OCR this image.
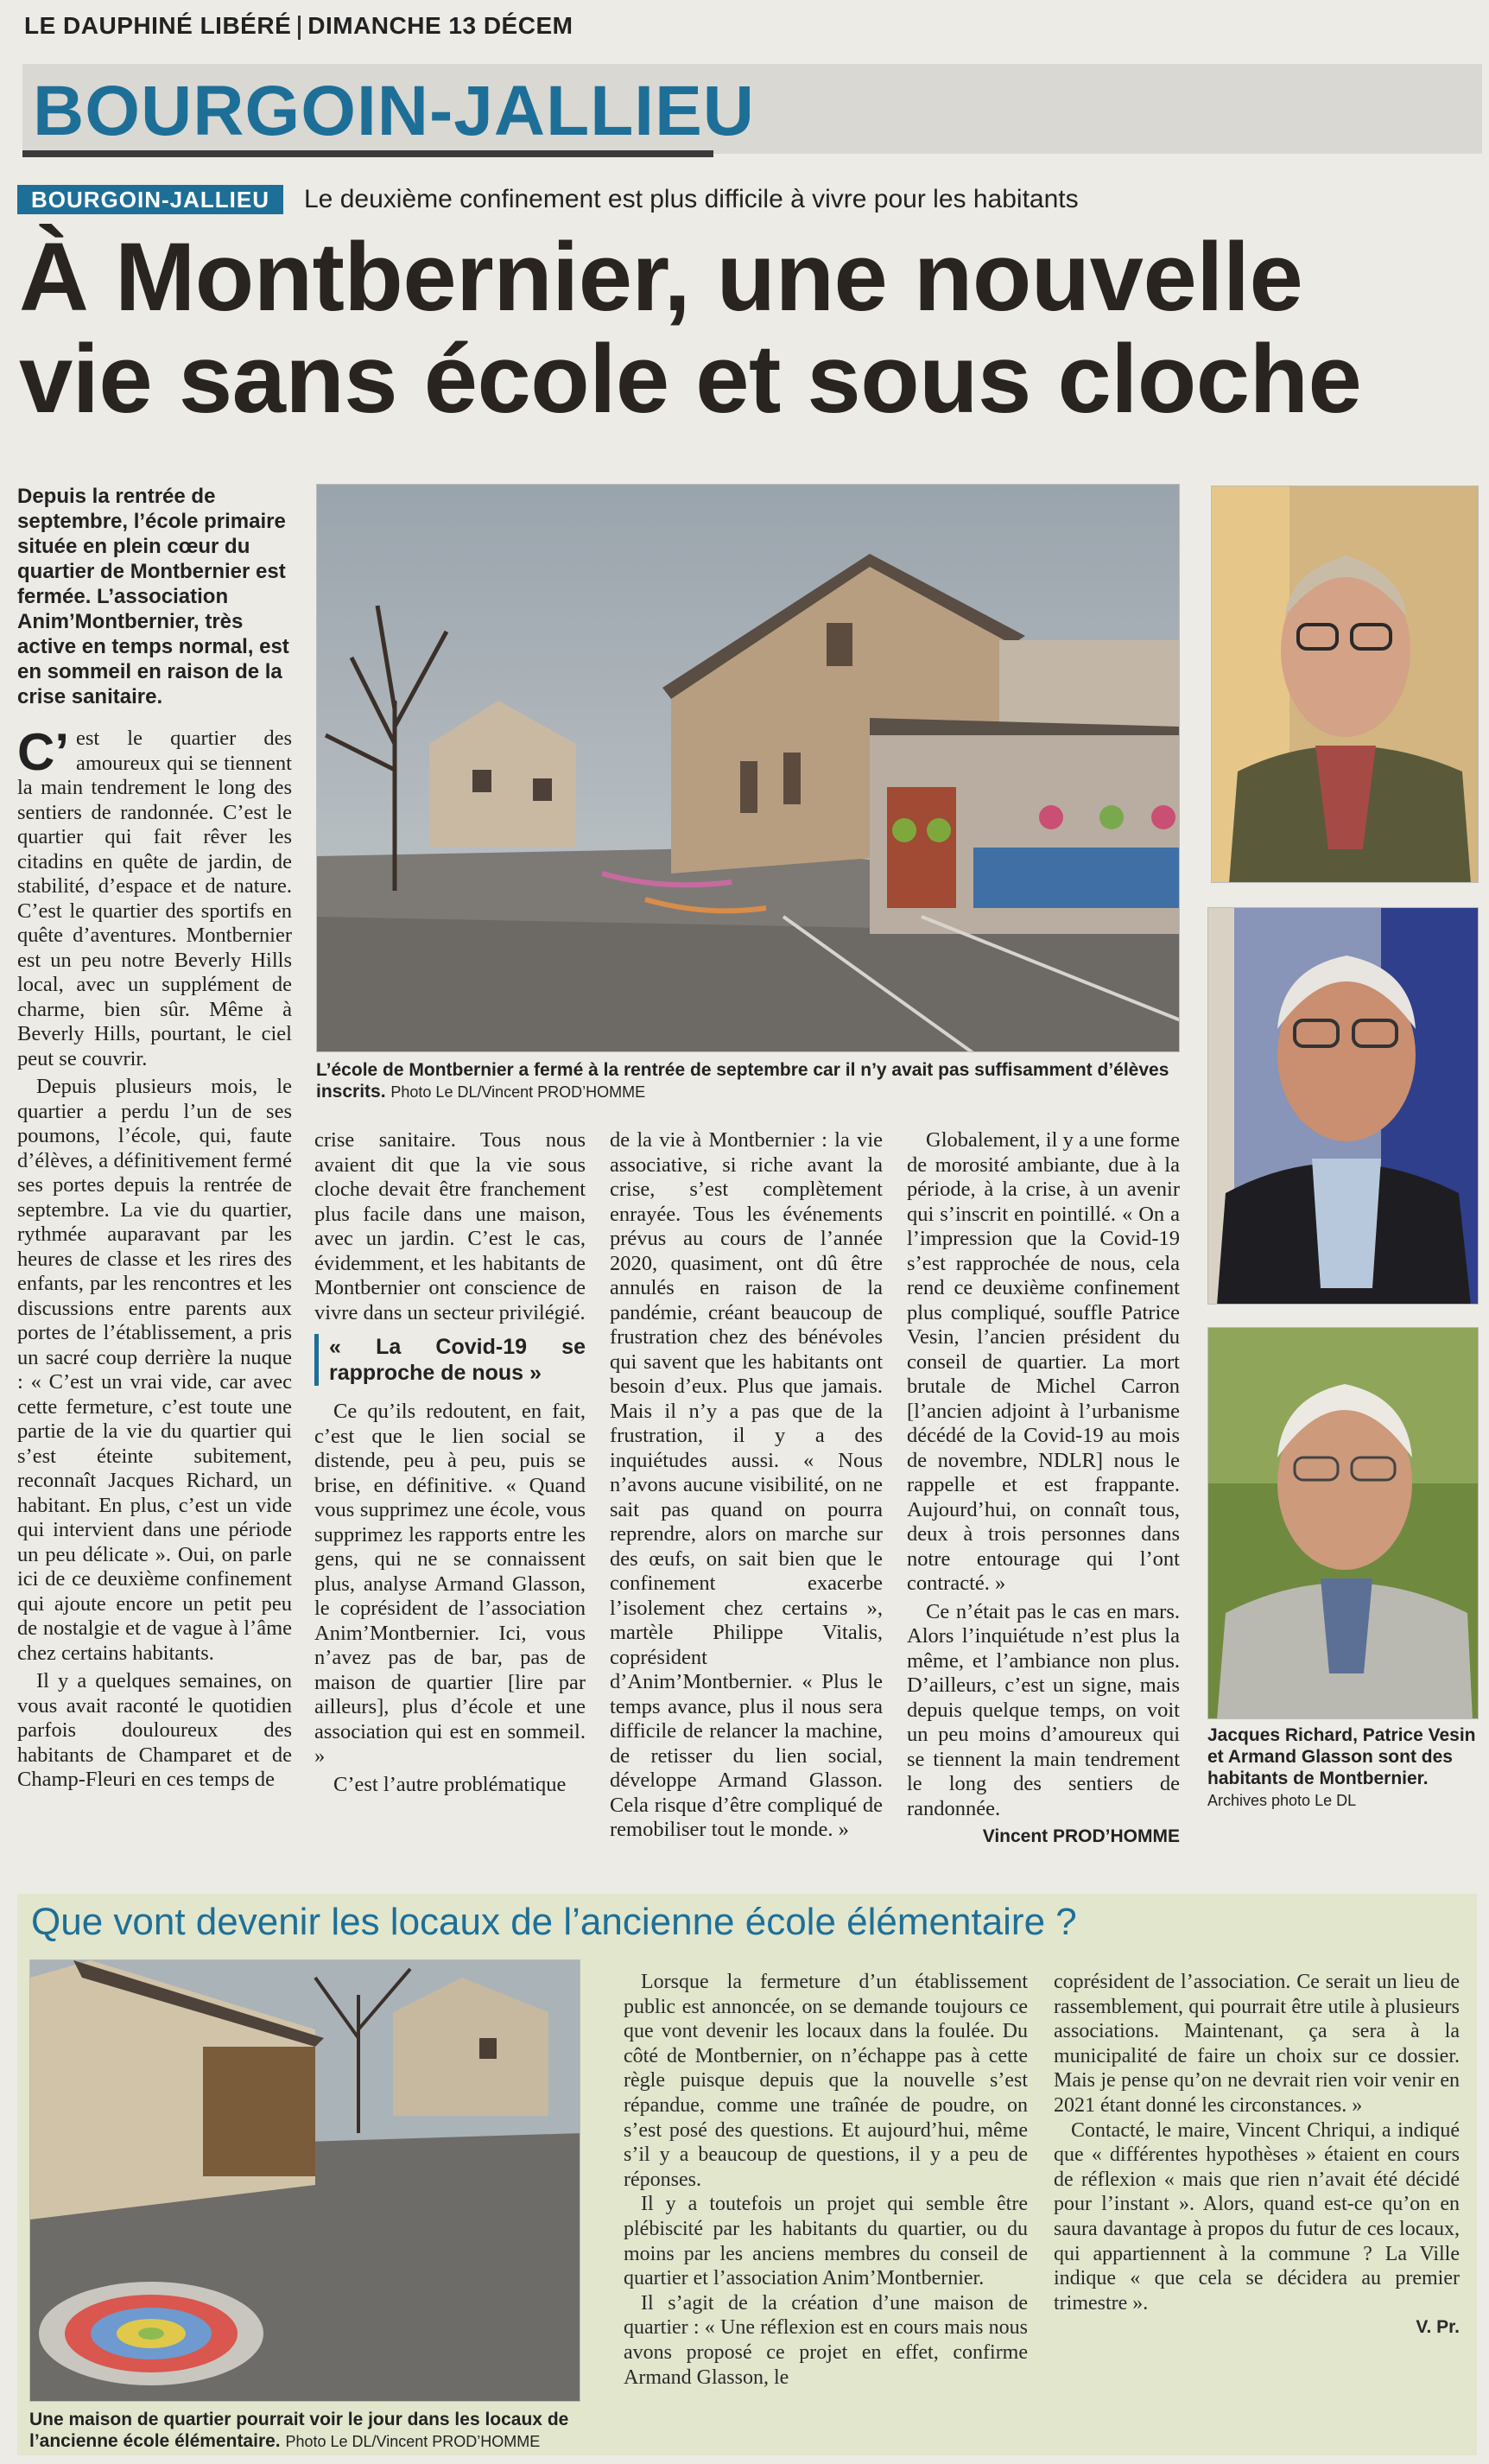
LE DAUPHINÉ LIBÉRÉ DIMANCHE 13 DÉCEM
BOURGOIN-JALLIEU
BOURGOIN-JALLIEU	Le deuxième confinement est plus difficile à vivre pour les habitants
À Montbernier, une nouvelle
vie sans école et sous cloche

Depuis la rentrée de septembre, l’école primaire située en plein cœur du quartier de Montbernier est fermée. L’association Anim’Montbernier, très active en temps normal, est en sommeil en raison de la crise sanitaire.

C’ est le quartier des amoureux qui se tiennent la main tendrement le long des sentiers de randonnée. C’est le quartier qui fait rêver les citadins en quête de jardin, de stabilité, d’espace et de nature. C’est le quartier des sportifs en quête d’aventures. Montbernier est un peu notre Beverly Hills local, avec un supplément de charme, bien sûr. Même à Beverly Hills, pourtant, le ciel peut se couvrir.

Depuis plusieurs mois, le quartier a perdu l’un de ses poumons, l’école, qui, faute d’élèves, a définitivement fermé ses portes depuis la rentrée de septembre. La vie du quartier, rythmée auparavant par les heures de classe et les rires des enfants, par les rencontres et les discussions entre parents aux portes de l’établissement, a pris un sacré coup derrière la nuque : « C’est un vrai vide, car avec cette fermeture, c’est toute une partie de la vie du quartier qui s’est éteinte subitement, reconnaît Jacques Richard, un habitant. En plus, c’est un vide qui intervient dans une période un peu délicate ». Oui, on parle ici de ce deuxième confinement qui ajoute encore un petit peu de nostalgie et de vague à l’âme chez certains habitants.

Il y a quelques semaines, on vous avait raconté le quotidien parfois douloureux des habitants de Champaret et de Champ-Fleuri en ces temps de

L’école de Montbernier a fermé à la rentrée de septembre car il n’y avait pas suffisamment d’élèves inscrits. Photo Le DL/Vincent PROD’HOMME
Jacques Richard, Patrice Vesin et Armand Glasson sont des habitants de Montbernier. Archives photo Le DL

crise sanitaire. Tous nous avaient dit que la vie sous cloche devait être franchement plus facile dans une maison, avec un jardin. C’est le cas, évidemment, et les habitants de Montbernier ont conscience de vivre dans un secteur privilégié.

« La Covid-19 se rapproche de nous »

Ce qu’ils redoutent, en fait, c’est que le lien social se distende, peu à peu, puis se brise, en définitive. « Quand vous supprimez une école, vous supprimez les rapports entre les gens, qui ne se connaissent plus, analyse Armand Glasson, le coprésident de l’association Anim’Montbernier. Ici, vous n’avez pas de bar, pas de maison de quartier [lire par ailleurs], plus d’école et une association qui est en sommeil. »

C’est l’autre problématique

de la vie à Montbernier : la vie associative, si riche avant la crise, s’est complètement enrayée. Tous les événements prévus au cours de l’année 2020, quasiment, ont dû être annulés en raison de la pandémie, créant beaucoup de frustration chez des bénévoles qui savent que les habitants ont besoin d’eux. Plus que jamais. Mais il n’y a pas que de la frustration, il y a des inquiétudes aussi. « Nous n’avons aucune visibilité, on ne sait pas quand on pourra reprendre, alors on marche sur des œufs, on sait bien que le confinement exacerbe l’isolement chez certains », martèle Philippe Vitalis, coprésident d’Anim’Montbernier. « Plus le temps avance, plus il nous sera difficile de relancer la machine, de retisser du lien social, développe Armand Glasson. Cela risque d’être compliqué de remobiliser tout le monde. »

Globalement, il y a une forme de morosité ambiante, due à la période, à la crise, à un avenir qui s’inscrit en pointillé. « On a l’impression que la Covid-19 s’est rapprochée de nous, cela rend ce deuxième confinement plus compliqué, souffle Patrice Vesin, l’ancien président du conseil de quartier. La mort brutale de Michel Carron [l’ancien adjoint à l’urbanisme décédé de la Covid-19 au mois de novembre, NDLR] nous le rappelle et est frappante. Aujourd’hui, on connaît tous, deux à trois personnes dans notre entourage qui l’ont contracté. »

Ce n’était pas le cas en mars. Alors l’inquiétude n’est plus la même, et l’ambiance non plus. D’ailleurs, c’est un signe, mais depuis quelque temps, on voit un peu moins d’amoureux qui se tiennent la main tendrement le long des sentiers de randonnée.

Vincent PROD’HOMME
Que vont devenir les locaux de l’ancienne école élémentaire ?
Une maison de quartier pourrait voir le jour dans les locaux de l’ancienne école élémentaire. Photo Le DL/Vincent PROD’HOMME

Lorsque la fermeture d’un établissement public est annoncée, on se demande toujours ce que vont devenir les locaux dans la foulée. Du côté de Montbernier, on n’échappe pas à cette règle puisque depuis que la nouvelle s’est répandue, comme une traînée de poudre, on s’est posé des questions. Et aujourd’hui, même s’il y a beaucoup de questions, il y a peu de réponses.

Il y a toutefois un projet qui semble être plébiscité par les habitants du quartier, ou du moins par les anciens membres du conseil de quartier et l’association Anim’Montbernier.

Il s’agit de la création d’une maison de quartier : « Une réflexion est en cours mais nous avons proposé ce projet en effet, confirme Armand Glasson, le

coprésident de l’association. Ce serait un lieu de rassemblement, qui pourrait être utile à plusieurs associations. Maintenant, ça sera à la municipalité de faire un choix sur ce dossier. Mais je pense qu’on ne devrait rien voir venir en 2021 étant donné les circonstances. »

Contacté, le maire, Vincent Chriqui, a indiqué que « différentes hypothèses » étaient en cours de réflexion « mais que rien n’avait été décidé pour l’instant ». Alors, quand est-ce qu’on en saura davantage à propos du futur de ces locaux, qui appartiennent à la commune ? La Ville indique « que cela se décidera au premier trimestre ».

V. Pr.
